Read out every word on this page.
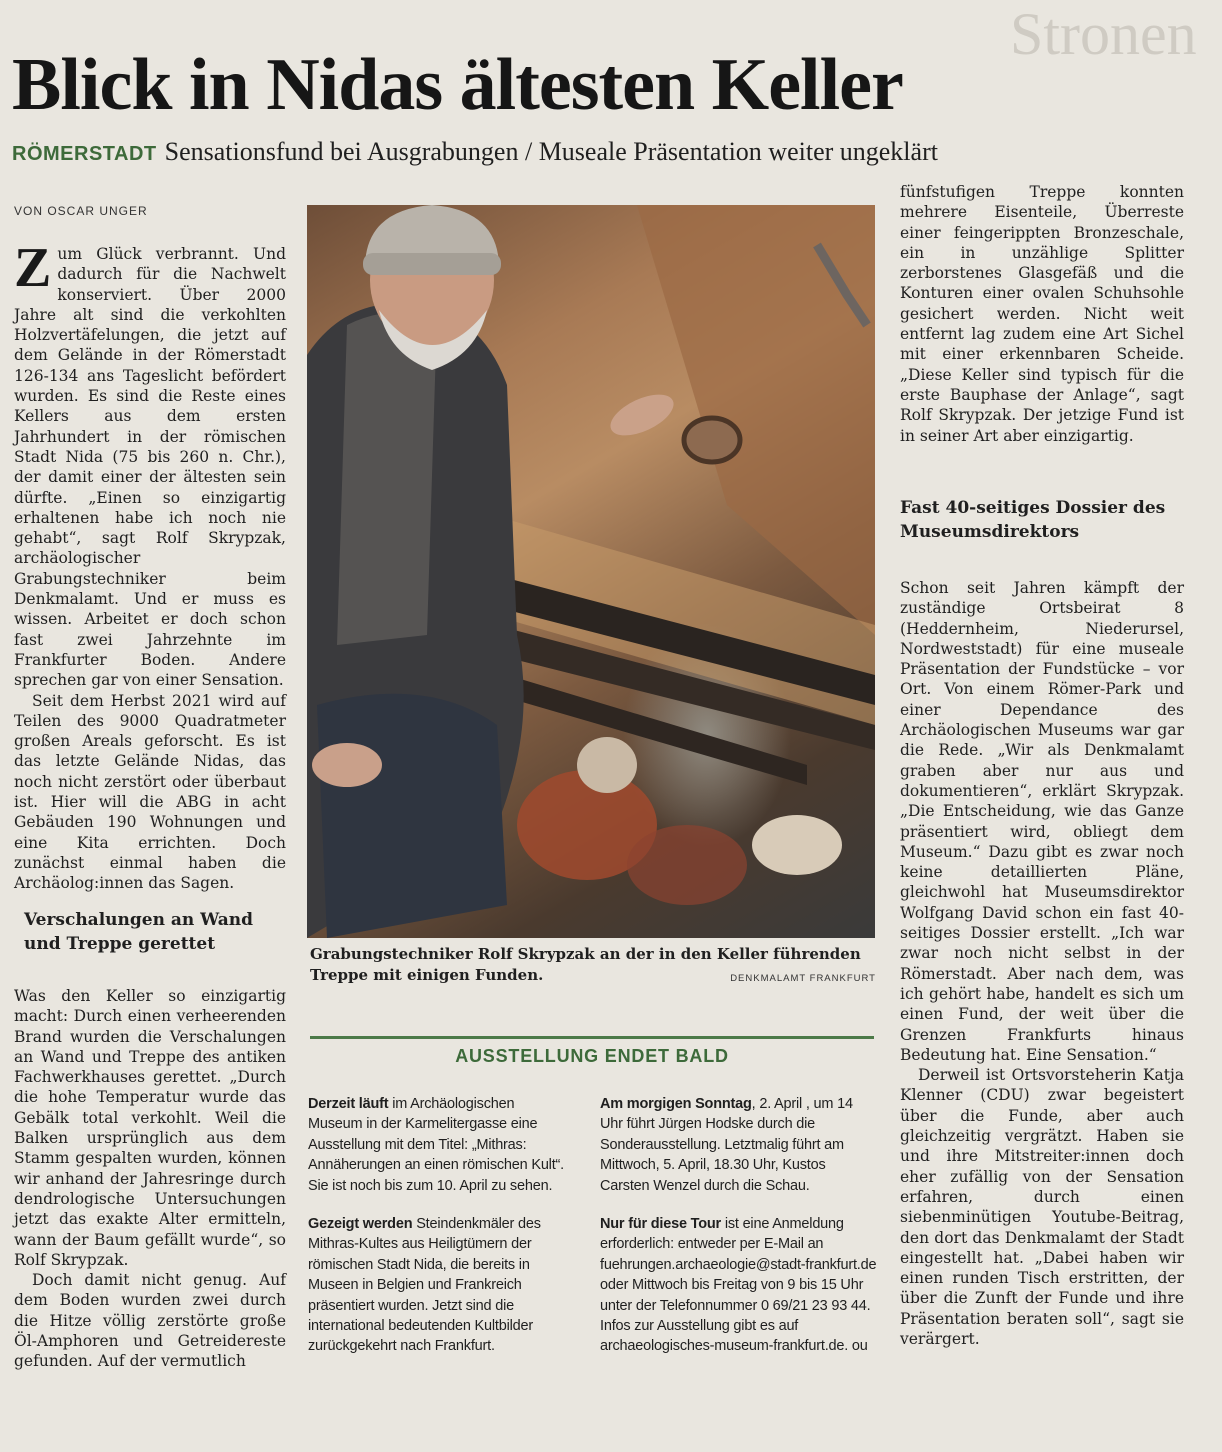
Stronen
Blick in Nidas ältesten Keller
RÖMERSTADT Sensationsfund bei Ausgrabungen / Museale Präsentation weiter ungeklärt
VON OSCAR UNGER

Zum Glück verbrannt. Und dadurch für die Nachwelt konserviert. Über 2000 Jahre alt sind die verkohlten Holzvertäfelungen, die jetzt auf dem Gelände in der Römerstadt 126-134 ans Tageslicht befördert wurden. Es sind die Reste eines Kellers aus dem ersten Jahrhundert in der römischen Stadt Nida (75 bis 260 n. Chr.), der damit einer der ältesten sein dürfte. „Einen so einzigartig erhaltenen habe ich noch nie gehabt“, sagt Rolf Skrypzak, archäologischer Grabungstechniker beim Denkmalamt. Und er muss es wissen. Arbeitet er doch schon fast zwei Jahrzehnte im Frankfurter Boden. Andere sprechen gar von einer Sensation.

Seit dem Herbst 2021 wird auf Teilen des 9000 Quadratmeter großen Areals geforscht. Es ist das letzte Gelände Nidas, das noch nicht zerstört oder überbaut ist. Hier will die ABG in acht Gebäuden 190 Wohnungen und eine Kita errichten. Doch zunächst einmal haben die Archäolog:innen das Sagen.

Verschalungen an Wand und Treppe gerettet

Was den Keller so einzigartig macht: Durch einen verheerenden Brand wurden die Verschalungen an Wand und Treppe des antiken Fachwerkhauses gerettet. „Durch die hohe Temperatur wurde das Gebälk total verkohlt. Weil die Balken ursprünglich aus dem Stamm gespalten wurden, können wir anhand der Jahresringe durch dendrologische Untersuchungen jetzt das exakte Alter ermitteln, wann der Baum gefällt wurde“, so Rolf Skrypzak.

Doch damit nicht genug. Auf dem Boden wurden zwei durch die Hitze völlig zerstörte große Öl-Amphoren und Getreidereste gefunden. Auf der vermutlich

Grabungstechniker Rolf Skrypzak an der in den Keller führenden Treppe mit einigen Funden.	DENKMALAMT FRANKFURT
AUSSTELLUNG ENDET BALD

Derzeit läuft im Archäologischen Museum in der Karmelitergasse eine Ausstellung mit dem Titel: „Mithras: Annäherungen an einen römischen Kult“. Sie ist noch bis zum 10. April zu sehen.

Gezeigt werden Steindenkmäler des Mithras-Kultes aus Heiligtümern der römischen Stadt Nida, die bereits in Museen in Belgien und Frankreich präsentiert wurden. Jetzt sind die international bedeutenden Kultbilder zurückgekehrt nach Frankfurt.

Am morgigen Sonntag, 2. April , um 14 Uhr führt Jürgen Hodske durch die Sonderausstellung. Letztmalig führt am Mittwoch, 5. April, 18.30 Uhr, Kustos Carsten Wenzel durch die Schau.

Nur für diese Tour ist eine Anmeldung erforderlich: entweder per E-Mail an fuehrungen.archaeologie@stadt-frankfurt.de oder Mittwoch bis Freitag von 9 bis 15 Uhr unter der Telefonnummer 0 69/21 23 93 44. Infos zur Ausstellung gibt es auf archaeologisches-museum-frankfurt.de. ou

fünfstufigen Treppe konnten mehrere Eisenteile, Überreste einer feingerippten Bronzeschale, ein in unzählige Splitter zerborstenes Glasgefäß und die Konturen einer ovalen Schuhsohle gesichert werden. Nicht weit entfernt lag zudem eine Art Sichel mit einer erkennbaren Scheide. „Diese Keller sind typisch für die erste Bauphase der Anlage“, sagt Rolf Skrypzak. Der jetzige Fund ist in seiner Art aber einzigartig.

Fast 40-seitiges Dossier des Museumsdirektors

Schon seit Jahren kämpft der zuständige Ortsbeirat 8 (Heddernheim, Niederursel, Nordweststadt) für eine museale Präsentation der Fundstücke – vor Ort. Von einem Römer-Park und einer Dependance des Archäologischen Museums war gar die Rede. „Wir als Denkmalamt graben aber nur aus und dokumentieren“, erklärt Skrypzak. „Die Entscheidung, wie das Ganze präsentiert wird, obliegt dem Museum.“ Dazu gibt es zwar noch keine detaillierten Pläne, gleichwohl hat Museumsdirektor Wolfgang David schon ein fast 40-seitiges Dossier erstellt. „Ich war zwar noch nicht selbst in der Römerstadt. Aber nach dem, was ich gehört habe, handelt es sich um einen Fund, der weit über die Grenzen Frankfurts hinaus Bedeutung hat. Eine Sensation.“

Derweil ist Ortsvorsteherin Katja Klenner (CDU) zwar begeistert über die Funde, aber auch gleichzeitig vergrätzt. Haben sie und ihre Mitstreiter:innen doch eher zufällig von der Sensation erfahren, durch einen siebenminütigen Youtube-Beitrag, den dort das Denkmalamt der Stadt eingestellt hat. „Dabei haben wir einen runden Tisch erstritten, der über die Zunft der Funde und ihre Präsentation beraten soll“, sagt sie verärgert.
